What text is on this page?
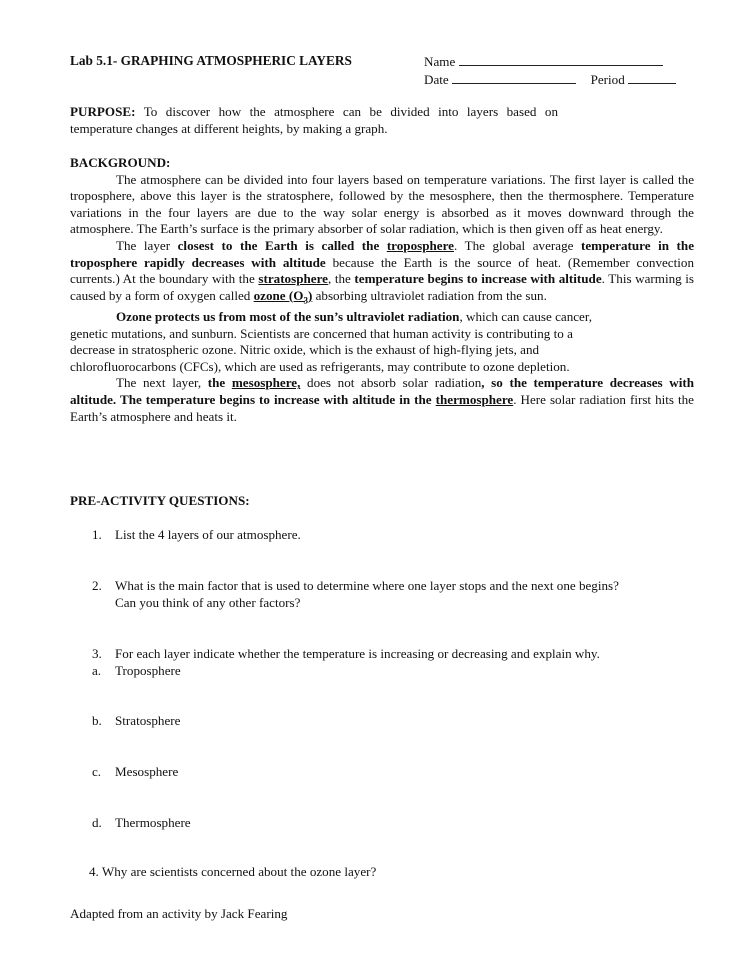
Lab 5.1- GRAPHING ATMOSPHERIC LAYERS	Name
Date	Period

PURPOSE: To discover how the atmosphere can be divided into layers based on temperature changes at different heights, by making a graph.

BACKGROUND:

The atmosphere can be divided into four layers based on temperature variations. The first layer is called the troposphere, above this layer is the stratosphere, followed by the mesosphere, then the thermosphere. Temperature variations in the four layers are due to the way solar energy is absorbed as it moves downward through the atmosphere. The Earth’s surface is the primary absorber of solar radiation, which is then given off as heat energy.

The layer closest to the Earth is called the troposphere. The global average temperature in the troposphere rapidly decreases with altitude because the Earth is the source of heat. (Remember convection currents.) At the boundary with the stratosphere, the temperature begins to increase with altitude. This warming is caused by a form of oxygen called ozone $(O_3)$ absorbing ultraviolet radiation from the sun.

Ozone protects us from most of the sun’s ultraviolet radiation, which can cause cancer, genetic mutations, and sunburn. Scientists are concerned that human activity is contributing to a decrease in stratospheric ozone. Nitric oxide, which is the exhaust of high-flying jets, and chlorofluorocarbons (CFCs), which are used as refrigerants, may contribute to ozone depletion.

The next layer, the mesosphere, does not absorb solar radiation, so the temperature decreases with altitude. The temperature begins to increase with altitude in the thermosphere. Here solar radiation first hits the Earth’s atmosphere and heats it.

PRE-ACTIVITY QUESTIONS:
1. List the 4 layers of our atmosphere.
2. What is the main factor that is used to determine where one layer stops and the next one begins?
Can you think of any other factors?
3. For each layer indicate whether the temperature is increasing or decreasing and explain why.
a. Troposphere
b. Stratosphere
c. Mesosphere
d. Thermosphere
4. Why are scientists concerned about the ozone layer?
Adapted from an activity by Jack Fearing
